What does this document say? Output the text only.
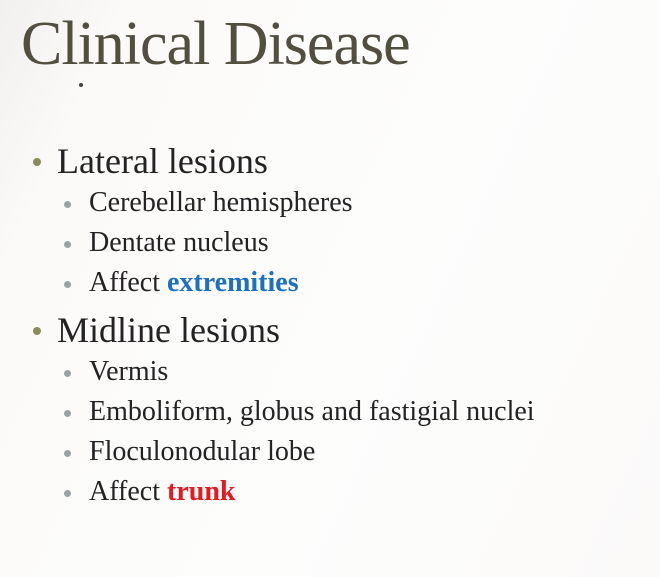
Clinical Disease
Lateral lesions
Cerebellar hemispheres
Dentate nucleus
Affect extremities
Midline lesions
Vermis
Emboliform, globus and fastigial nuclei
Floculonodular lobe
Affect trunk
